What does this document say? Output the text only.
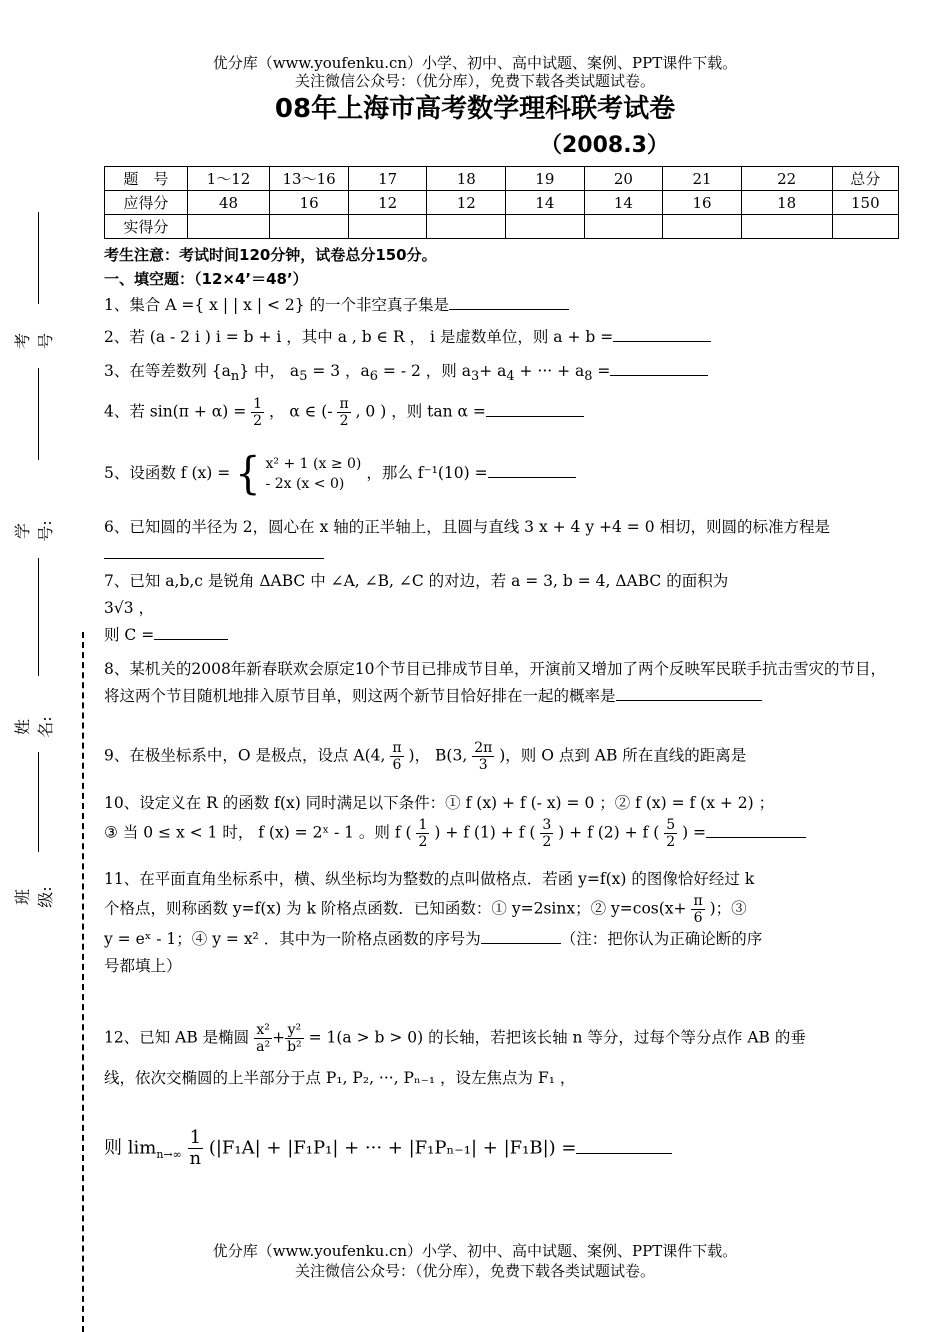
优分库（www.youfenku.cn）小学、初中、高中试题、案例、PPT课件下载。
关注微信公众号：（优分库），免费下载各类试题试卷。
08年上海市高考数学理科联考试卷
（2008.3）
题　号	1～12	13～16	17	18	19	20	21	22	总分
应得分	48	16	12	12	14	14	16	18	150
实得分									
考生注意：考试时间120分钟，试卷总分150分。
一、填空题：（12×4’＝48’）
1、集合 A ={ x | | x | < 2} 的一个非空真子集是
2、若 (a - 2 i ) i = b + i ，其中 a , b ∈ R ， i 是虚数单位，则 a + b =
3、在等差数列 $\{a_n\}$ 中， $a_5 = 3$ ，$a_6$ = - 2 ，则 $a_3+ a_4$ + ··· + $a_8$ =
4、若 $\sin(\pi + \alpha) = \frac{1}{2}$ ， α ∈ (- $\frac{\pi}{2}$ , 0 ) ，则 tan α =
5、设函数 f (x) = { x² + 1 (x ≥ 0)
- 2x (x < 0)
，那么 f⁻¹(10) =
6、已知圆的半径为 2，圆心在 x 轴的正半轴上，且圆与直线 3 x + 4 y +4 = 0 相切，则圆的标准方程是
7、已知 a,b,c 是锐角 ΔABC 中 ∠A, ∠B, ∠C 的对边，若 a = 3, b = 4, ΔABC 的面积为
3√3 ，
则 C =
8、某机关的2008年新春联欢会原定10个节目已排成节目单，开演前又增加了两个反映军民联手抗击雪灾的节目，将这两个节目随机地排入原节目单，则这两个新节目恰好排在一起的概率是
9、在极坐标系中，O 是极点，设点 A(4, $\frac{\pi}{6}$ )， B(3, $\frac{2\pi}{3}$ )，则 O 点到 AB 所在直线的距离是
10、设定义在 R 的函数 f(x) 同时满足以下条件：① f (x) + f (- x) = 0 ；② f (x) = f (x + 2) ；
③ 当 0 ≤ x < 1 时， f (x) = 2ˣ - 1 。则 f ( $\frac{1}{2}$ ) + f (1) + f ( $\frac{3}{2}$ ) + f (2) + f ( $\frac{5}{2}$ ) =
11、在平面直角坐标系中，横、纵坐标均为整数的点叫做格点．若函 y=f(x) 的图像恰好经过 k
个格点，则称函数 y=f(x) 为 k 阶格点函数．已知函数：① y=2sinx；② $y=\cos(x+ \frac{\pi}{6}$ )；③
y = eˣ - 1；④ y = x² ．其中为一阶格点函数的序号为	（注：把你认为正确论断的序
号都填上）
12、已知 AB 是椭圆 $\frac{\text{x²}}{\text{a²}} + \frac{\text{y²}}{\text{b²}} = 1(a > b > 0)$ 的长轴，若把该长轴 n 等分，过每个等分点作 AB 的垂

线，依次交椭圆的上半部分于点 P₁, P₂, ···, Pₙ₋₁ ，设左焦点为 F₁ ，
则 $\lim_{n\to\infty} \frac{1}{n} (|F_1A| + |F_1P_1|$ + ··· + |F₁Pₙ₋₁| + |F₁B|) =
优分库（www.youfenku.cn）小学、初中、高中试题、案例、PPT课件下载。
关注微信公众号：（优分库），免费下载各类试题试卷。
考号
学号:
姓名:
班级:
